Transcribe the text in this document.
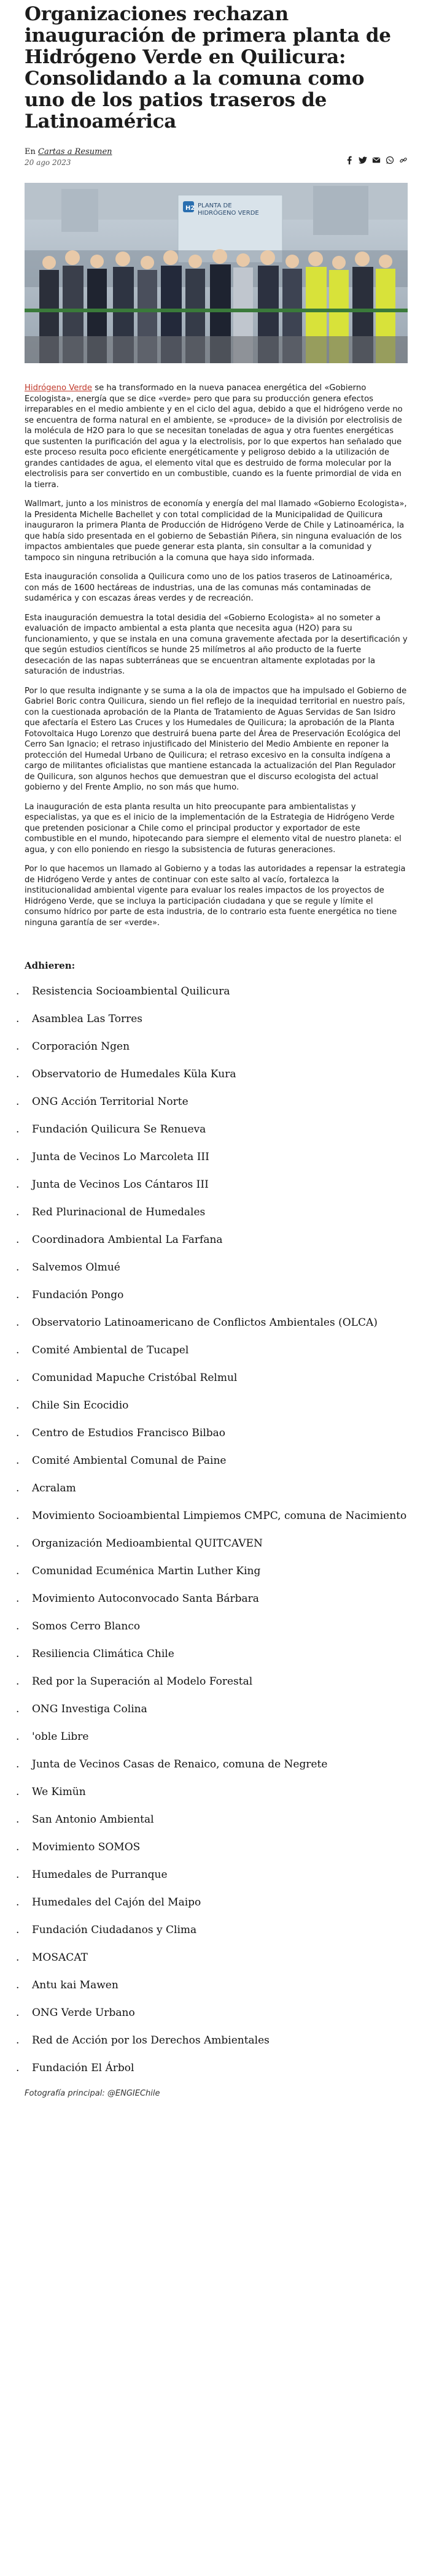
Organizaciones rechazan inauguración de primera planta de Hidrógeno Verde en Quilicura: Consolidando a la comuna como uno de los patios traseros de Latinoamérica
En Cartas a Resumen
20 ago 2023
H2 PLANTA DE
HIDRÓGENO VERDE

Hidrógeno Verde se ha transformado en la nueva panacea energética del «Gobierno Ecologista», energía que se dice «verde» pero que para su producción genera efectos irreparables en el medio ambiente y en el ciclo del agua, debido a que el hidrógeno verde no se encuentra de forma natural en el ambiente, se «produce» de la división por electrolisis de la molécula de H2O para lo que se necesitan toneladas de agua y otra fuentes energéticas que sustenten la purificación del agua y la electrolisis, por lo que expertos han señalado que este proceso resulta poco eficiente energéticamente y peligroso debido a la utilización de grandes cantidades de agua, el elemento vital que es destruido de forma molecular por la electrolisis para ser convertido en un combustible, cuando es la fuente primordial de vida en la tierra.

Wallmart, junto a los ministros de economía y energía del mal llamado «Gobierno Ecologista», la Presidenta Michelle Bachellet y con total complicidad de la Municipalidad de Quilicura inauguraron la primera Planta de Producción de Hidrógeno Verde de Chile y Latinoamérica, la que había sido presentada en el gobierno de Sebastián Piñera, sin ninguna evaluación de los impactos ambientales que puede generar esta planta, sin consultar a la comunidad y tampoco sin ninguna retribución a la comuna que haya sido informada.

Esta inauguración consolida a Quilicura como uno de los patios traseros de Latinoamérica, con más de 1600 hectáreas de industrias, una de las comunas más contaminadas de sudamérica y con escazas áreas verdes y de recreación.

Esta inauguración demuestra la total desidia del «Gobierno Ecologista» al no someter a evaluación de impacto ambiental a esta planta que necesita agua (H2O) para su funcionamiento, y que se instala en una comuna gravemente afectada por la desertificación y que según estudios científicos se hunde 25 milímetros al año producto de la fuerte desecación de las napas subterráneas que se encuentran altamente explotadas por la saturación de industrias.

Por lo que resulta indignante y se suma a la ola de impactos que ha impulsado el Gobierno de Gabriel Boric contra Quilicura, siendo un fiel reflejo de la inequidad territorial en nuestro país, con la cuestionada aprobación de la Planta de Tratamiento de Aguas Servidas de San Isidro que afectaría el Estero Las Cruces y los Humedales de Quilicura; la aprobación de la Planta Fotovoltaica Hugo Lorenzo que destruirá buena parte del Área de Preservación Ecológica del Cerro San Ignacio; el retraso injustificado del Ministerio del Medio Ambiente en reponer la protección del Humedal Urbano de Quilicura; el retraso excesivo en la consulta indígena a cargo de militantes oficialistas que mantiene estancada la actualización del Plan Regulador de Quilicura, son algunos hechos que demuestran que el discurso ecologista del actual gobierno y del Frente Amplio, no son más que humo.

La inauguración de esta planta resulta un hito preocupante para ambientalistas y especialistas, ya que es el inicio de la implementación de la Estrategia de Hidrógeno Verde que pretenden posicionar a Chile como el principal productor y exportador de este combustible en el mundo, hipotecando para siempre el elemento vital de nuestro planeta: el agua, y con ello poniendo en riesgo la subsistencia de futuras generaciones.

Por lo que hacemos un llamado al Gobierno y a todas las autoridades a repensar la estrategia de Hidrógeno Verde y antes de continuar con este salto al vacío, fortalezca la institucionalidad ambiental vigente para evaluar los reales impactos de los proyectos de Hidrógeno Verde, que se incluya la participación ciudadana y que se regule y límite el consumo hídrico por parte de esta industria, de lo contrario esta fuente energética no tiene ninguna garantía de ser «verde».

Adhieren:
. Resistencia Socioambiental Quilicura
. Asamblea Las Torres
. Corporación Ngen
. Observatorio de Humedales Küla Kura
. ONG Acción Territorial Norte
. Fundación Quilicura Se Renueva
. Junta de Vecinos Lo Marcoleta III
. Junta de Vecinos Los Cántaros III
. Red Plurinacional de Humedales
. Coordinadora Ambiental La Farfana
. Salvemos Olmué
. Fundación Pongo
. Observatorio Latinoamericano de Conflictos Ambientales (OLCA)
. Comité Ambiental de Tucapel
. Comunidad Mapuche Cristóbal Relmul
. Chile Sin Ecocidio
. Centro de Estudios Francisco Bilbao
. Comité Ambiental Comunal de Paine
. Acralam
. Movimiento Socioambiental Limpiemos CMPC, comuna de Nacimiento
. Organización Medioambiental QUITCAVEN
. Comunidad Ecuménica Martin Luther King
. Movimiento Autoconvocado Santa Bárbara
. Somos Cerro Blanco
. Resiliencia Climática Chile
. Red por la Superación al Modelo Forestal
. ONG Investiga Colina
. 'oble Libre
. Junta de Vecinos Casas de Renaico, comuna de Negrete
. We Kimün
. San Antonio Ambiental
. Movimiento SOMOS
. Humedales de Purranque
. Humedales del Cajón del Maipo
. Fundación Ciudadanos y Clima
. MOSACAT
. Antu kai Mawen
. ONG Verde Urbano
. Red de Acción por los Derechos Ambientales
. Fundación El Árbol
Fotografía principal: @ENGIEChile
